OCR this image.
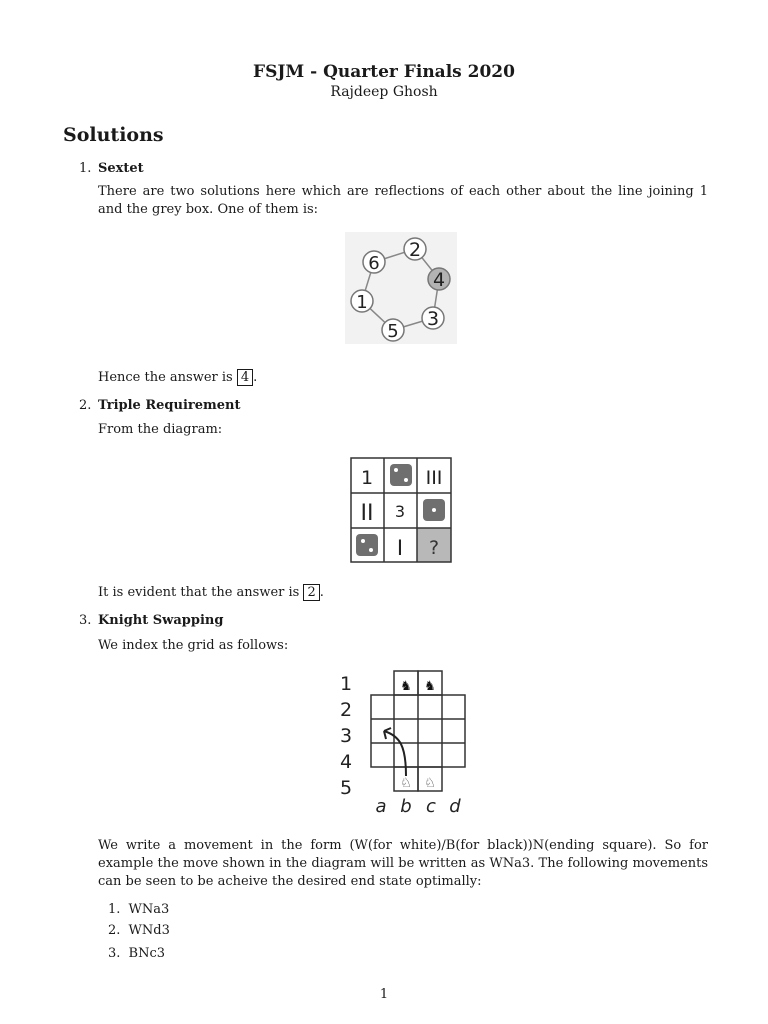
FSJM - Quarter Finals 2020
Rajdeep Ghosh
Solutions
1. Sextet
There are two solutions here which are reflections of each other about the line joining 1 and the grey box. One of them is:
2
6
4
1
3
5
Hence the answer is 4 .
2. Triple Requirement
From the diagram:
1	III
II 3
I ?
It is evident that the answer is 2 .
3. Knight Swapping
We index the grid as follows:
1
2
3
4
5
♞ ♞
♘ ♘
a b c d
We write a movement in the form (W(for white)/B(for black))N(ending square). So for example the move shown in the diagram will be written as WNa3. The following movements can be seen to be acheive the desired end state optimally:
1. WNa3
2. WNd3
3. BNc3
1
